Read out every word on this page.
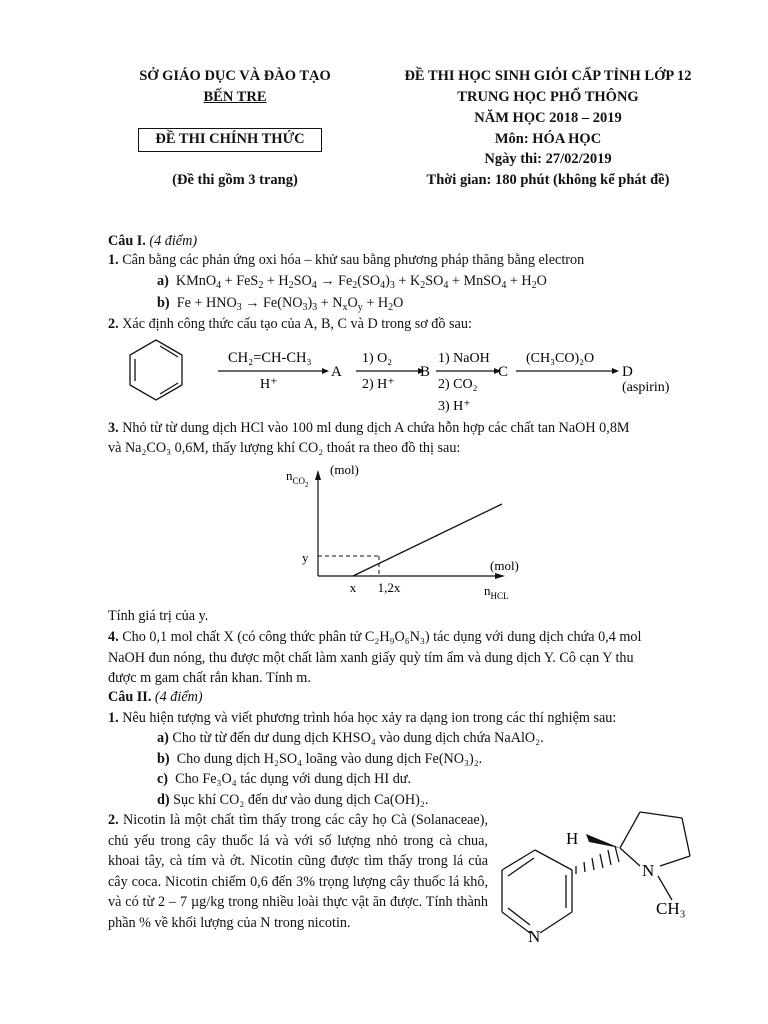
SỞ GIÁO DỤC VÀ ĐÀO TẠO
BẾN TRE
ĐỀ THI CHÍNH THỨC
(Đề thi gồm 3 trang)
ĐỀ THI HỌC SINH GIỎI CẤP TỈNH LỚP 12
TRUNG HỌC PHỔ THÔNG
NĂM HỌC 2018 – 2019
Môn: HÓA HỌC
Ngày thi: 27/02/2019
Thời gian: 180 phút (không kể phát đề)
Câu I. (4 điểm)
1. Cân bằng các phản ứng oxi hóa – khử sau bằng phương pháp thăng bằng electron
a)  KMnO$_4$ + $FeS_2 + H_2SO_4 \to Fe_2(SO_4)_3 + K_2SO_4$ + MnSO$_4$ + $H_2O$
b)  $Fe + HNO_3 \to Fe(NO_3)_3 + N_xO_y + H_2O$
2. Xác định công thức cấu tạo của A, B, C và D trong sơ đồ sau:
CH₂=CH-CH₃
H⁺
A
1) O₂
2) H⁺
B
1) NaOH
2) CO₂
3) H⁺
C
(CH₃CO)₂O
D
(aspirin)
3. Nhỏ từ từ dung dịch HCl vào 100 ml dung dịch A chứa hỗn hợp các chất tan NaOH 0,8M
và Na₂CO₃ 0,6M, thấy lượng khí CO₂ thoát ra theo đồ thị sau:
$n_{CO2}$
(mol)
y
x 1,2x
(mol)
$n_{HCL}$
Tính giá trị của y.
4. Cho 0,1 mol chất X (có công thức phân tử C₂H₉O₆N₃) tác dụng với dung dịch chứa 0,4 mol
NaOH đun nóng, thu được một chất làm xanh giấy quỳ tím ẩm và dung dịch Y. Cô cạn Y thu
được m gam chất rắn khan. Tính m.
Câu II. (4 điểm)
1. Nêu hiện tượng và viết phương trình hóa học xảy ra dạng ion trong các thí nghiệm sau:
a) Cho từ từ đến dư dung dịch KHSO₄ vào dung dịch chứa NaAlO₂.
b) Cho dung dịch H₂SO₄ loãng vào dung dịch Fe(NO₃)₂.
c) Cho Fe₃O₄ tác dụng với dung dịch HI dư.
d) Sục khí CO₂ đến dư vào dung dịch Ca(OH)₂.
2. Nicotin là một chất tìm thấy trong các cây họ Cà (Solanaceae), chủ yếu trong cây thuốc lá và với số lượng nhỏ trong cà chua, khoai tây, cà tím và ớt. Nicotin cũng được tìm thấy trong lá của cây coca. Nicotin chiếm 0,6 đến 3% trọng lượng cây thuốc lá khô, và có từ 2 – 7 µg/kg trong nhiều loài thực vật ăn được. Tính thành phần % về khối lượng của N trong nicotin.
H
N
CH₃
N
